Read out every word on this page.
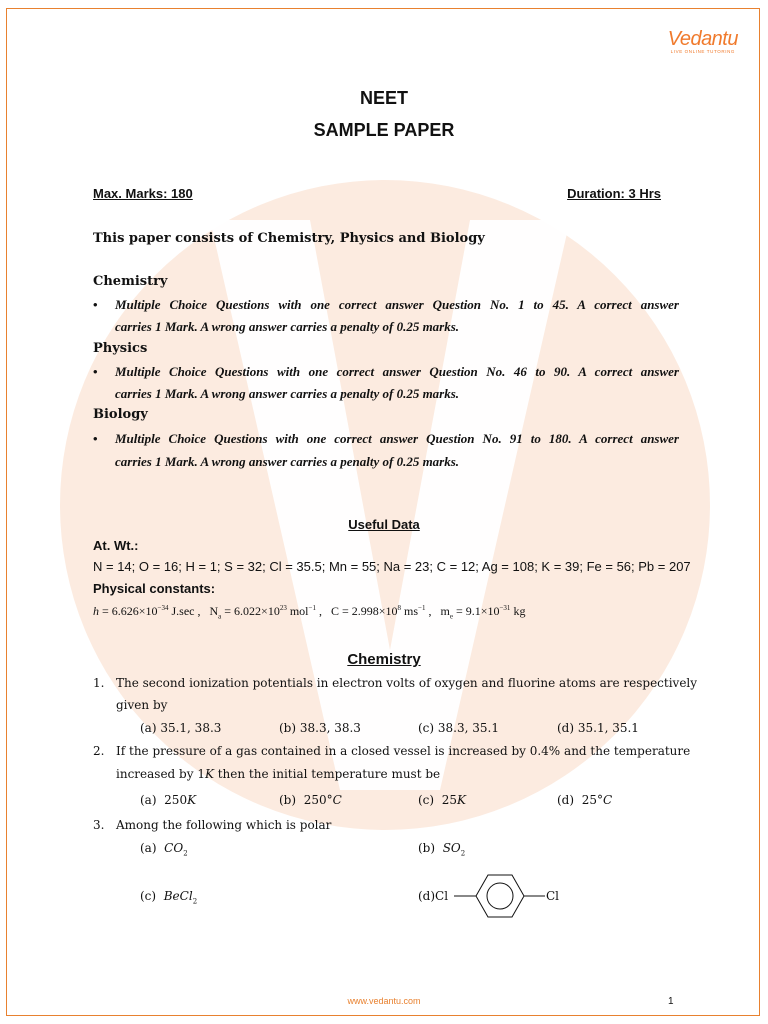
Vedantu
LIVE ONLINE TUTORING
NEET
SAMPLE PAPER
Max. Marks: 180	Duration: 3 Hrs
This paper consists of Chemistry, Physics and Biology
Chemistry
• Multiple Choice Questions with one correct answer Question No. 1 to 45. A correct answer
carries 1 Mark. A wrong answer carries a penalty of 0.25 marks.
Physics
• Multiple Choice Questions with one correct answer Question No. 46 to 90. A correct answer
carries 1 Mark. A wrong answer carries a penalty of 0.25 marks.
Biology
• Multiple Choice Questions with one correct answer Question No. 91 to 180. A correct answer
carries 1 Mark. A wrong answer carries a penalty of 0.25 marks.
Useful Data
At. Wt.:
N = 14; O = 16; H = 1; S = 32; Cl = 35.5; Mn = 55; Na = 23; C = 12; Ag = 108; K = 39; Fe = 56; Pb = 207
Physical constants:
$h = 6.626\times 10^{-34}$ J.sec , $N_a = 6.022\times 10^{23}$ mol$^{-1}$ , $C = 2.998\times 10^8$ $ms^{-1}$ , $m_e = 9.1\times 10^{-31}$ kg
Chemistry
1. The second ionization potentials in electron volts of oxygen and fluorine atoms are respectively
given by
(a) 35.1, 38.3	(b) 38.3, 38.3	(c) 38.3, 35.1	(d) 35.1, 35.1
2. If the pressure of a gas contained in a closed vessel is increased by 0.4% and the temperature
increased by 1K then the initial temperature must be
(a) 250K	(b) 250°C	(c) 25K	(d) 25°C
3. Among the following which is polar
(a) $CO_2$	(b) $SO_2$
(c) BeCl$_2$	(d)Cl	Cl
www.vedantu.com	1
